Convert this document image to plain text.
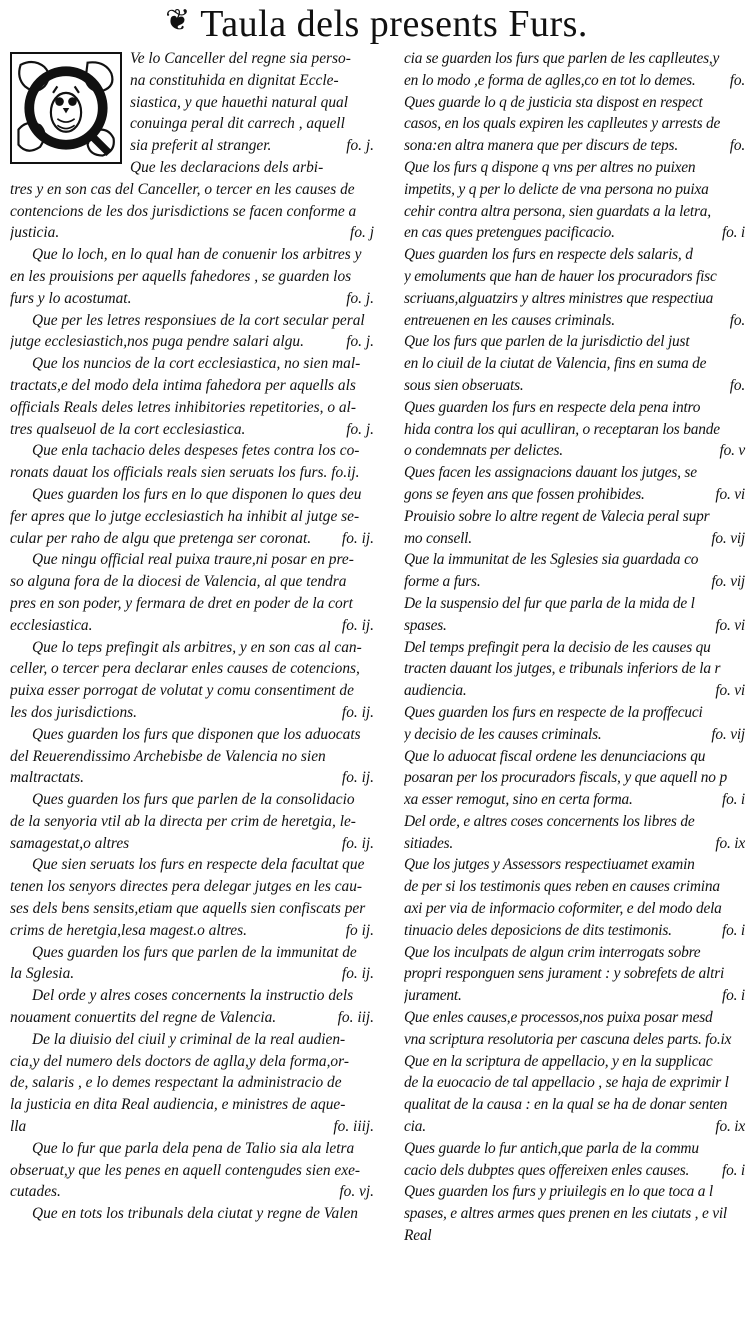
❦ Taula dels presents Furs.
Ve lo Canceller del regne sia perso-
na constituhida en dignitat Eccle-
siastica, y que hauethi natural qual
conuinga peral dit carrech , aquell
fo. j.
sia preferit al stranger.
Que les declaracions dels arbi-
tres y en son cas del Canceller, o tercer en les causes de
contencions de les dos jurisdictions se facen conforme a
fo. j
justicia.
Que lo loch, en lo qual han de conuenir los arbitres y
en les prouisions per aquells fahedores , se guarden los
fo. j.
furs y lo acostumat.
Que per les letres responsiues de la cort secular peral
fo. j.
jutge ecclesiastich,nos puga pendre salari algu.
Que los nuncios de la cort ecclesiastica, no sien mal-
tractats,e del modo dela intima fahedora per aquells als
officials Reals deles letres inhibitories repetitories, o al-
fo. j.
tres qualseuol de la cort ecclesiastica.
Que enla tachacio deles despeses fetes contra los co-
ronats dauat los officials reals sien seruats los furs. fo.ij.
Ques guarden los furs en lo que disponen lo ques deu
fer apres que lo jutge ecclesiastich ha inhibit al jutge se-
fo. ij.
cular per raho de algu que pretenga ser coronat.
Que ningu official real puixa traure,ni posar en pre-
so alguna fora de la diocesi de Valencia, al que tendra
pres en son poder, y fermara de dret en poder de la cort
fo. ij.
ecclesiastica.
Que lo teps prefingit als arbitres, y en son cas al can-
celler, o tercer pera declarar enles causes de cotencions,
puixa esser porrogat de volutat y comu consentiment de
fo. ij.
les dos jurisdictions.
Ques guarden los furs que disponen que los aduocats
del Reuerendissimo Archebisbe de Valencia no sien
fo. ij.
maltractats.
Ques guarden los furs que parlen de la consolidacio
de la senyoria vtil ab la directa per crim de heretgia, le-
fo. ij.
samagestat,o altres
Que sien seruats los furs en respecte dela facultat que
tenen los senyors directes pera delegar jutges en les cau-
ses dels bens sensits,etiam que aquells sien confiscats per
fo ij.
crims de heretgia,lesa magest.o altres.
Ques guarden los furs que parlen de la immunitat de
fo. ij.
la Sglesia.
Del orde y alres coses concernents la instructio dels
fo. iij.
nouament conuertits del regne de Valencia.
De la diuisio del ciuil y criminal de la real audien-
cia,y del numero dels doctors de aglla,y dela forma,or-
de, salaris , e lo demes respectant la administracio de
la justicia en dita Real audiencia, e ministres de aque-
fo. iiij.
lla
Que lo fur que parla dela pena de Talio sia ala letra
obseruat,y que les penes en aquell contengudes sien exe-
fo. vj.
cutades.
Que en tots los tribunals dela ciutat y regne de Valen
cia se guarden los furs que parlen de les caplleutes,y
fo.
en lo modo ,e forma de aglles,co en tot lo demes.
Ques guarde lo q de justicia sta dispost en respect
casos, en los quals expiren les caplleutes y arrests de
fo.
sona:en altra manera que per discurs de teps.
Que los furs q dispone q vns per altres no puixen
impetits, y q per lo delicte de vna persona no puixa
cehir contra altra persona, sien guardats a la letra,
fo. i
en cas ques pretengues pacificacio.
Ques guarden los furs en respecte dels salaris, d
y emoluments que han de hauer los procuradors fisc
scriuans,alguatzirs y altres ministres que respectiua
fo.
entreuenen en les causes criminals.
Que los furs que parlen de la jurisdictio del just
en lo ciuil de la ciutat de Valencia, fins en suma de
fo.
sous sien obseruats.
Ques guarden los furs en respecte dela pena intro
hida contra los qui aculliran, o receptaran los bande
fo. v
o condemnats per delictes.
Ques facen les assignacions dauant los jutges, se
fo. vi
gons se feyen ans que fossen prohibides.
Prouisio sobre lo altre regent de Valecia peral supr
fo. vij
mo consell.
Que la immunitat de les Sglesies sia guardada co
fo. vij
forme a furs.
De la suspensio del fur que parla de la mida de l
fo. vi
spases.
Del temps prefingit pera la decisio de les causes qu
tracten dauant los jutges, e tribunals inferiors de la r
fo. vi
audiencia.
Ques guarden los furs en respecte de la proffecuci
fo. vij
y decisio de les causes criminals.
Que lo aduocat fiscal ordene les denunciacions qu
posaran per los procuradors fiscals, y que aquell no p
fo. i
xa esser remogut, sino en certa forma.
Del orde, e altres coses concernents los libres de
fo. ix
sitiades.
Que los jutges y Assessors respectiuamet examin
de per si los testimonis ques reben en causes crimina
axi per via de informacio coformiter, e del modo dela
fo. i
tinuacio deles deposicions de dits testimonis.
Que los inculpats de algun crim interrogats sobre
propri responguen sens jurament : y sobrefets de altri
fo. i
jurament.
Que enles causes,e processos,nos puixa posar mesd
vna scriptura resolutoria per cascuna deles parts. fo.ix
Que en la scriptura de appellacio, y en la supplicac
de la euocacio de tal appellacio , se haja de exprimir l
qualitat de la causa : en la qual se ha de donar senten
fo. ix
cia.
Ques guarde lo fur antich,que parla de la commu
fo. i
cacio dels dubptes ques offereixen enles causes.
Ques guarden los furs y priuilegis en lo que toca a l
spases, e altres armes ques prenen en les ciutats , e vil
Real
